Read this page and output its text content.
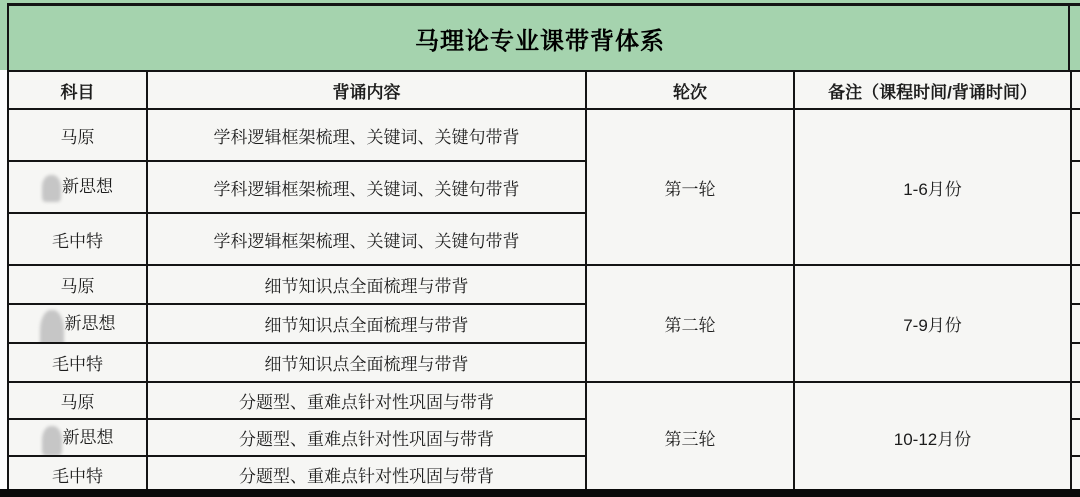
马理论专业课带背体系
科目	背诵内容	轮次	备注（课程时间/背诵时间）	
马原	学科逻辑框架梳理、关键词、关键句带背	第一轮	1-6月份	
新思想	学科逻辑框架梳理、关键词、关键句带背			
毛中特	学科逻辑框架梳理、关键词、关键句带背			
马原	细节知识点全面梳理与带背	第二轮	7-9月份	
新思想	细节知识点全面梳理与带背			
毛中特	细节知识点全面梳理与带背			
马原	分题型、重难点针对性巩固与带背	第三轮	10-12月份	
新思想	分题型、重难点针对性巩固与带背			
毛中特	分题型、重难点针对性巩固与带背			
